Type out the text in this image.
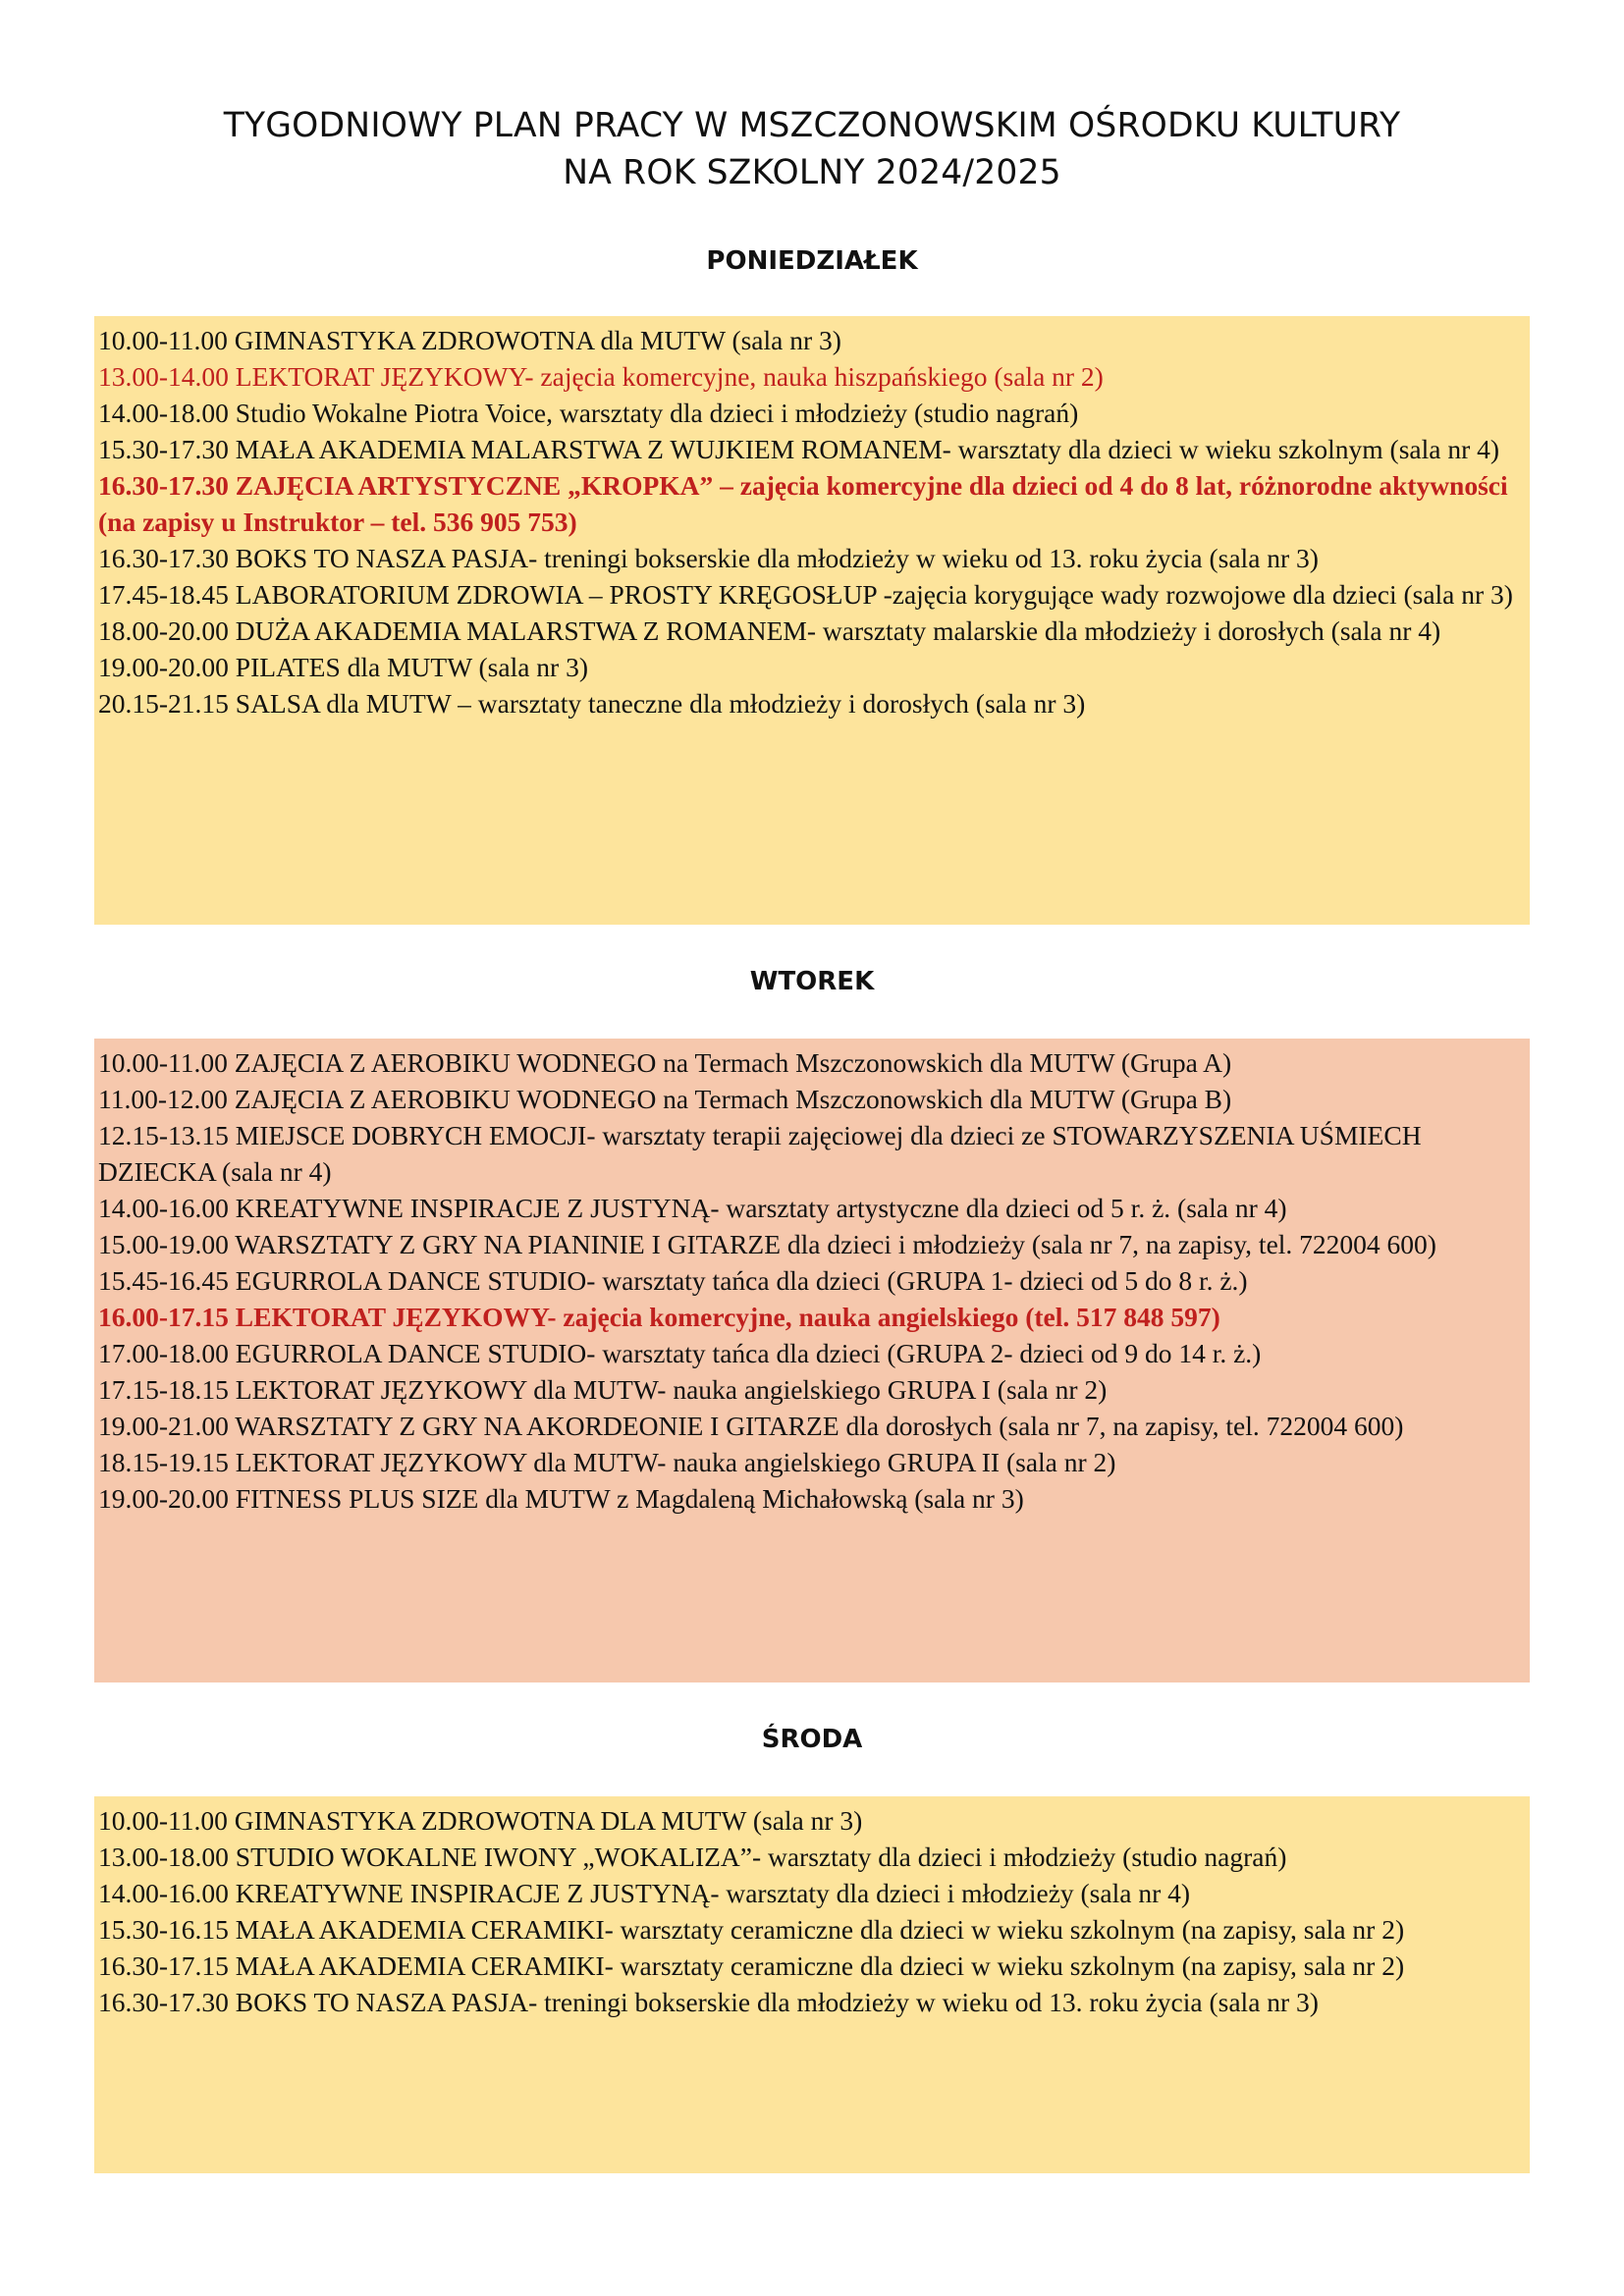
TYGODNIOWY PLAN PRACY W MSZCZONOWSKIM OŚRODKU KULTURY
NA ROK SZKOLNY 2024/2025
PONIEDZIAŁEK
10.00-11.00 GIMNASTYKA ZDROWOTNA dla MUTW (sala nr 3)
13.00-14.00 LEKTORAT JĘZYKOWY- zajęcia komercyjne, nauka hiszpańskiego (sala nr 2)
14.00-18.00 Studio Wokalne Piotra Voice, warsztaty dla dzieci i młodzieży (studio nagrań)
15.30-17.30 MAŁA AKADEMIA MALARSTWA Z WUJKIEM ROMANEM- warsztaty dla dzieci w wieku szkolnym (sala nr 4)
16.30-17.30 ZAJĘCIA ARTYSTYCZNE „KROPKA” – zajęcia komercyjne dla dzieci od 4 do 8 lat, różnorodne aktywności (na zapisy u Instruktor – tel. 536 905 753)
16.30-17.30 BOKS TO NASZA PASJA- treningi bokserskie dla młodzieży w wieku od 13. roku życia (sala nr 3)
17.45-18.45 LABORATORIUM ZDROWIA – PROSTY KRĘGOSŁUP -zajęcia korygujące wady rozwojowe dla dzieci (sala nr 3)
18.00-20.00 DUŻA AKADEMIA MALARSTWA Z ROMANEM- warsztaty malarskie dla młodzieży i dorosłych (sala nr 4)
19.00-20.00 PILATES dla MUTW (sala nr 3)
20.15-21.15 SALSA dla MUTW – warsztaty taneczne dla młodzieży i dorosłych (sala nr 3)
WTOREK
10.00-11.00 ZAJĘCIA Z AEROBIKU WODNEGO na Termach Mszczonowskich dla MUTW (Grupa A)
11.00-12.00 ZAJĘCIA Z AEROBIKU WODNEGO na Termach Mszczonowskich dla MUTW (Grupa B)
12.15-13.15 MIEJSCE DOBRYCH EMOCJI- warsztaty terapii zajęciowej dla dzieci ze STOWARZYSZENIA UŚMIECH DZIECKA (sala nr 4)
14.00-16.00 KREATYWNE INSPIRACJE Z JUSTYNĄ- warsztaty artystyczne dla dzieci od 5 r. ż. (sala nr 4)
15.00-19.00 WARSZTATY Z GRY NA PIANINIE I GITARZE dla dzieci i młodzieży (sala nr 7, na zapisy, tel. 722004 600)
15.45-16.45 EGURROLA DANCE STUDIO- warsztaty tańca dla dzieci (GRUPA 1- dzieci od 5 do 8 r. ż.)
16.00-17.15 LEKTORAT JĘZYKOWY- zajęcia komercyjne, nauka angielskiego (tel. 517 848 597)
17.00-18.00 EGURROLA DANCE STUDIO- warsztaty tańca dla dzieci (GRUPA 2- dzieci od 9 do 14 r. ż.)
17.15-18.15 LEKTORAT JĘZYKOWY dla MUTW- nauka angielskiego GRUPA I (sala nr 2)
19.00-21.00 WARSZTATY Z GRY NA AKORDEONIE I GITARZE dla dorosłych (sala nr 7, na zapisy, tel. 722004 600)
18.15-19.15 LEKTORAT JĘZYKOWY dla MUTW- nauka angielskiego GRUPA II (sala nr 2)
19.00-20.00 FITNESS PLUS SIZE dla MUTW z Magdaleną Michałowską (sala nr 3)
ŚRODA
10.00-11.00 GIMNASTYKA ZDROWOTNA DLA MUTW (sala nr 3)
13.00-18.00 STUDIO WOKALNE IWONY „WOKALIZA”- warsztaty dla dzieci i młodzieży (studio nagrań)
14.00-16.00 KREATYWNE INSPIRACJE Z JUSTYNĄ- warsztaty dla dzieci i młodzieży (sala nr 4)
15.30-16.15 MAŁA AKADEMIA CERAMIKI- warsztaty ceramiczne dla dzieci w wieku szkolnym (na zapisy, sala nr 2)
16.30-17.15 MAŁA AKADEMIA CERAMIKI- warsztaty ceramiczne dla dzieci w wieku szkolnym (na zapisy, sala nr 2)
16.30-17.30 BOKS TO NASZA PASJA- treningi bokserskie dla młodzieży w wieku od 13. roku życia (sala nr 3)
